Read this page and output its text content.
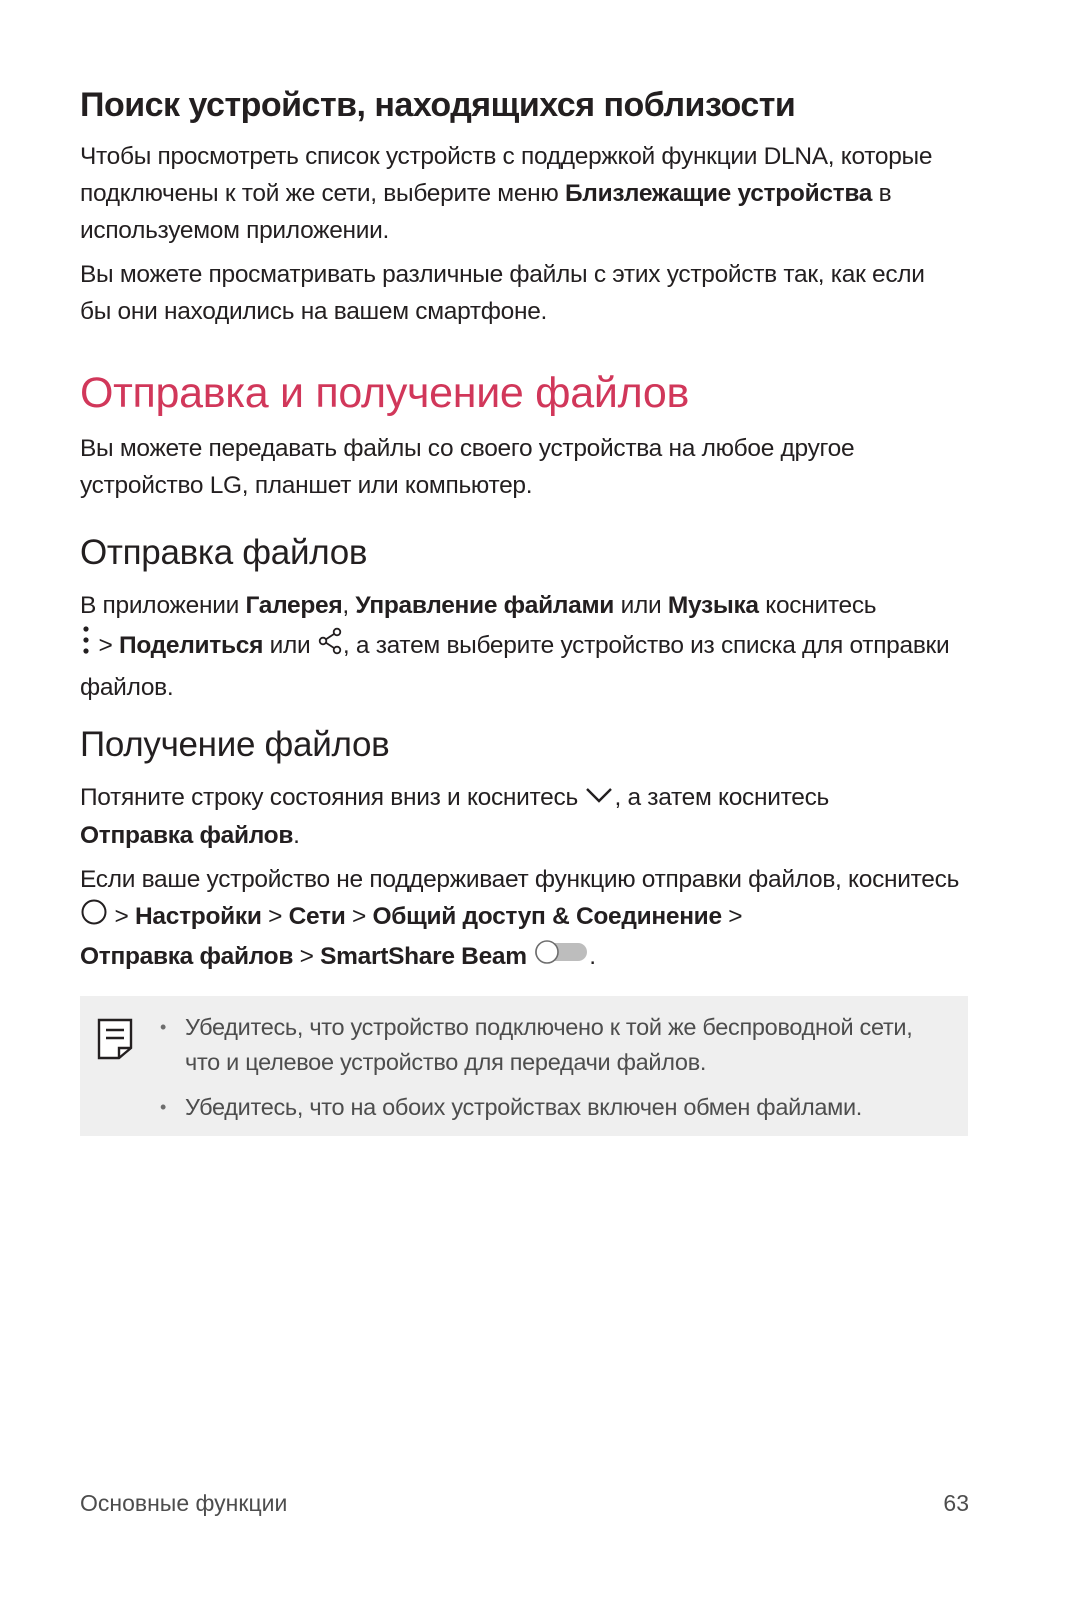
Поиск устройств, находящихся поблизости

Чтобы просмотреть список устройств с поддержкой функции DLNA, которые подключены к той же сети, выберите меню Близлежащие устройства в используемом приложении.

Вы можете просматривать различные файлы с этих устройств так, как если бы они находились на вашем смартфоне.

Отправка и получение файлов

Вы можете передавать файлы со своего устройства на любое другое устройство LG, планшет или компьютер.

Отправка файлов

В приложении Галерея, Управление файлами или Музыка коснитесь
> Поделиться или , а затем выберите устройство из списка для отправки файлов.

Получение файлов

Потяните строку состояния вниз и коснитесь , а затем коснитесь
Отправка файлов.

Если ваше устройство не поддерживает функцию отправки файлов, коснитесь  > Настройки > Сети > Общий доступ & Соединение >
Отправка файлов > SmartShare Beam	.

• Убедитесь, что устройство подключено к той же беспроводной сети, что и целевое устройство для передачи файлов.
• Убедитесь, что на обоих устройствах включен обмен файлами.
Основные функции	63
